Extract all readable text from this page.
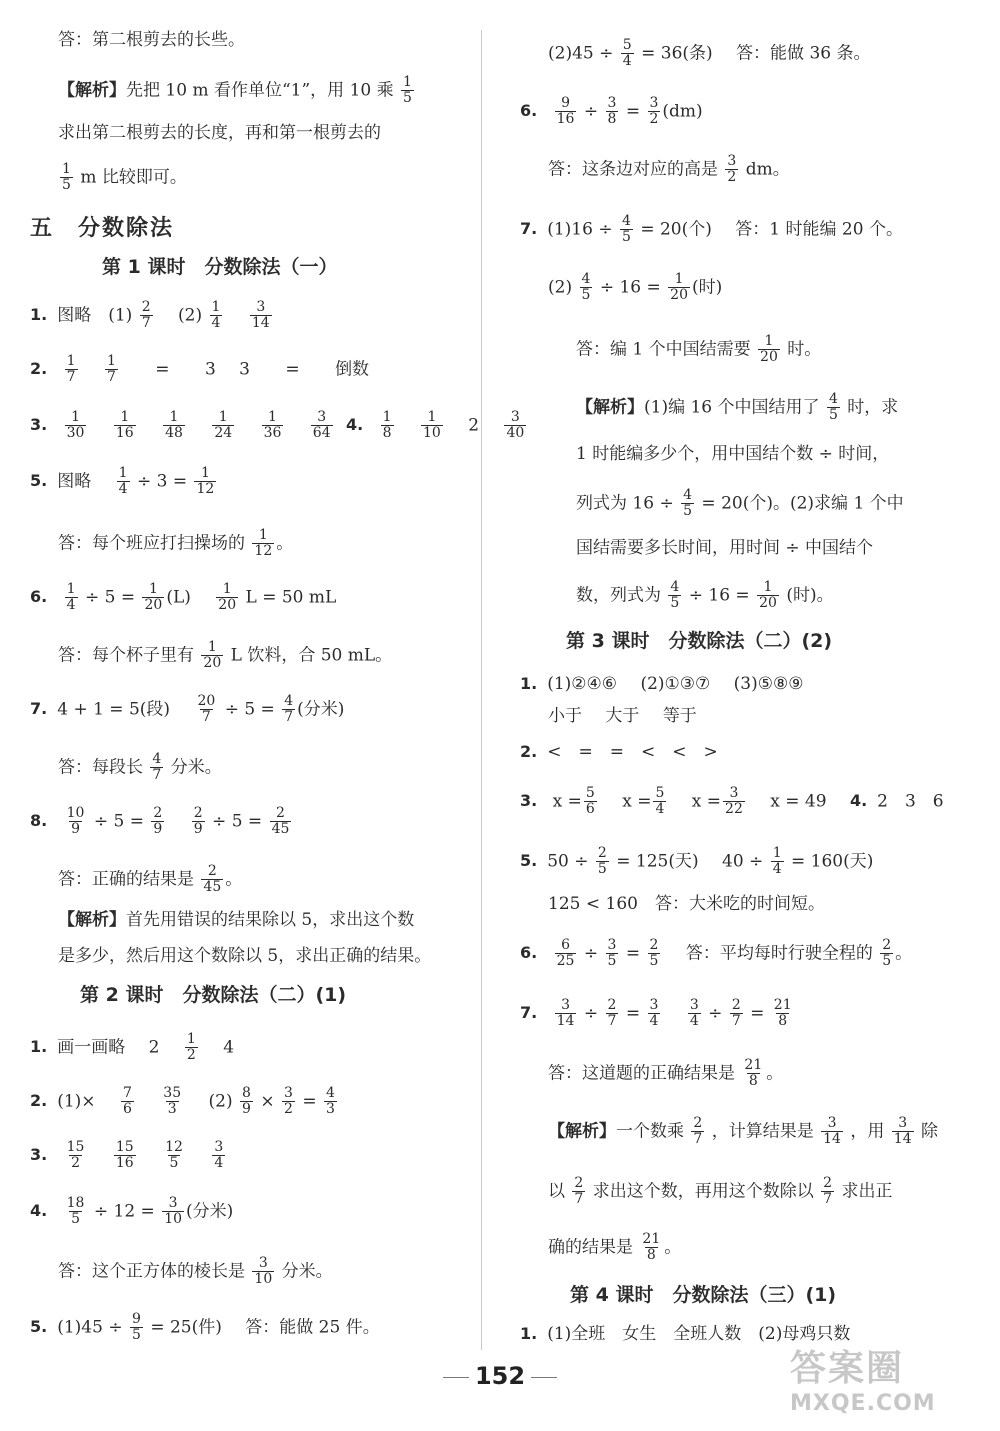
答：第二根剪去的长些。
【解析】先把 10 m 看作单位“1”，用 10 乘 $\frac{1}{5}$
求出第二根剪去的长度，再和第一根剪去的
$\frac{1}{5}$ m 比较即可。
五　分数除法
第 1 课时　分数除法（一）
1. 图略　$(1) \frac{2}{7} (2) \frac{1}{4}$
$\frac{3}{14}$
2. $\frac{1}{7}$
$\frac{1}{7} = 3$ 3 = 倒数
3. $\frac{1}{30}$
$\frac{1}{16}$
$\frac{1}{48}$
$\frac{1}{24}$
$\frac{1}{36}$
$\frac{3}{64} 4$. $\frac{1}{8}$
$\frac{1}{10} 2 \frac{3}{40}$
5. 图略 $\frac{1}{4} \div 3 = \frac{1}{12}$
答：每个班应打扫操场的 $\frac{1}{12}$ 。
6. $\frac{1}{4} \div 5 = \frac{1}{20} (L) \frac{1}{20}$ L = 50 mL
答：每个杯子里有 $\frac{1}{20}$ L 饮料，合 50 mL。
7. 4 + 1 = 5(段) $\frac{20}{7} \div 5 = \frac{4}{7}$ (分米)
答：每段长 $\frac{4}{7}$ 分米。
8. $\frac{10}{9} \div 5 = \frac{2}{9}$
$\frac{2}{9} \div 5 = \frac{2}{45}$
答：正确的结果是 $\frac{2}{45}$ 。
【解析】首先用错误的结果除以 5，求出这个数
是多少，然后用这个数除以 5，求出正确的结果。
第 2 课时　分数除法（二）(1)
1. 画一画略 $2 \frac{1}{2} 4$
2. $(1)\times \frac{7}{6}$
$\frac{35}{3} (2) \frac{8}{9} \times \frac{3}{2} = \frac{4}{3}$
3. $\frac{15}{2}$
$\frac{15}{16}$
$\frac{12}{5}$
$\frac{3}{4}$
4. $\frac{18}{5} \div 12 = \frac{3}{10}$ (分米)
答：这个正方体的棱长是 $\frac{3}{10}$ 分米。
5. $(1)45 \div \frac{9}{5} = 25$(件) 答：能做 25 件。
$(2)45 \div \frac{5}{4} = 36$(条) 答：能做 36 条。
6. $\frac{9}{16} \div \frac{3}{8} = \frac{3}{2} (dm)$
答：这条边对应的高是 $\frac{3}{2}$ dm。
7. $(1)16 \div \frac{4}{5} = 20$(个) 答：1 时能编 20 个。
$(2) \frac{4}{5} \div 16 = \frac{1}{20}$ (时)
答：编 1 个中国结需要 $\frac{1}{20}$ 时。
【解析】(1)编 16 个中国结用了 $\frac{4}{5}$ 时，求
1 时能编多少个，用中国结个数 ÷ 时间，
列式为 $16 \div \frac{4}{5} = 20$(个)。(2)求编 1 个中
国结需要多长时间，用时间 ÷ 中国结个
数，列式为 $\frac{4}{5} \div 16 = \frac{1}{20}$ (时)。
第 3 课时　分数除法（二）(2)
1. (1)②④⑥ (2)①③⑦ (3)⑤⑧⑨
小于 大于 等于
2. <　=　=　<　<　>
3. $x = \frac{5}{6}$ $x = \frac{5}{4}$ $x = \frac{3}{22}$ x = 49 4. 2　3　6
5. $50 \div \frac{2}{5} = 125$(天) $40 \div \frac{1}{4} = 160$(天)
125 < 160　答：大米吃的时间短。
6. $\frac{6}{25} \div \frac{3}{5} = \frac{2}{5}$ 答：平均每时行驶全程的 $\frac{2}{5}$ 。
7. $\frac{3}{14} \div \frac{2}{7} = \frac{3}{4}$
$\frac{3}{4} \div \frac{2}{7} = \frac{21}{8}$
答：这道题的正确结果是 $\frac{21}{8}$ 。
【解析】一个数乘 $\frac{2}{7}$ ，计算结果是 $\frac{3}{14}$ ，用 $\frac{3}{14}$ 除
以 $\frac{2}{7}$ 求出这个数，再用这个数除以 $\frac{2}{7}$ 求出正
确的结果是 $\frac{21}{8}$ 。
第 4 课时　分数除法（三）(1)
1. (1)全班　女生　全班人数　(2)母鸡只数
152	答案圈
MXQE.COM
